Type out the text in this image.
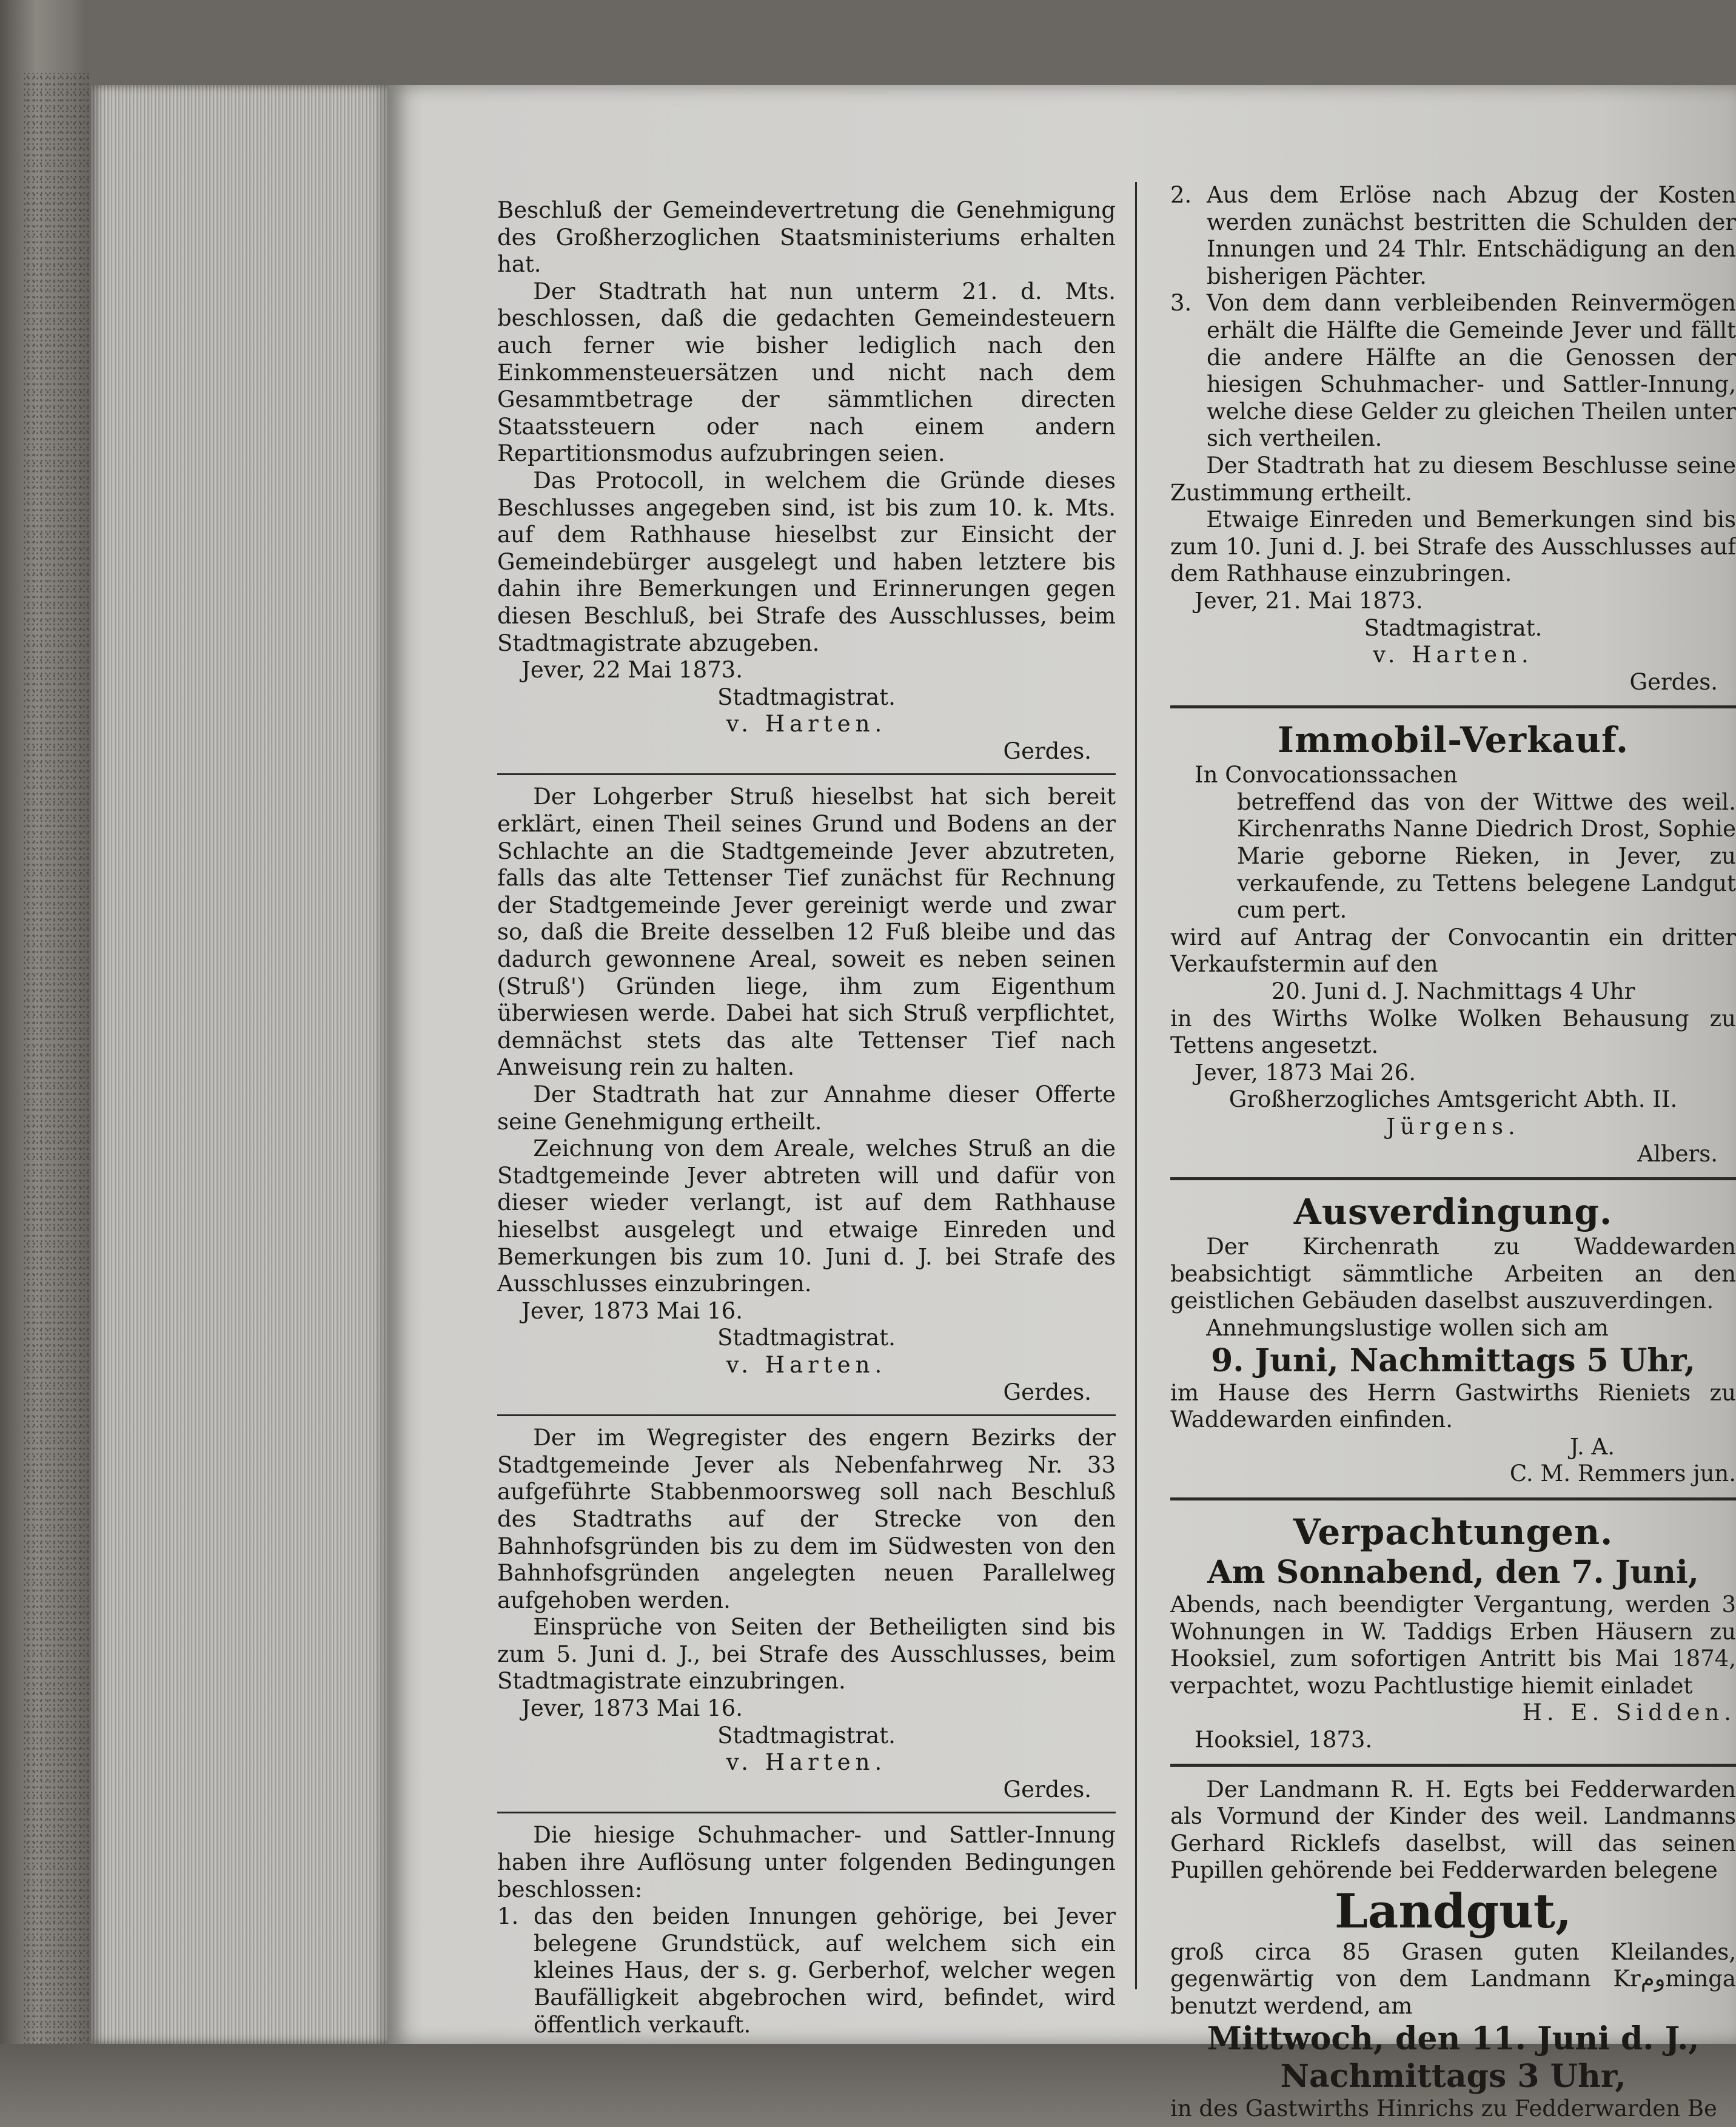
Beschluß der Gemeindevertretung die Genehmigung des Großherzoglichen Staatsministeriums erhalten hat.

Der Stadtrath hat nun unterm 21. d. Mts. beschlossen, daß die gedachten Gemeindesteuern auch ferner wie bisher lediglich nach den Einkommensteuersätzen und nicht nach dem Gesammtbetrage der sämmtlichen directen Staatssteuern oder nach einem andern Repartitionsmodus aufzubringen seien.

Das Protocoll, in welchem die Gründe dieses Beschlusses angegeben sind, ist bis zum 10. k. Mts. auf dem Rathhause hieselbst zur Einsicht der Gemeindebürger ausgelegt und haben letztere bis dahin ihre Bemerkungen und Erinnerungen gegen diesen Beschluß, bei Strafe des Ausschlusses, beim Stadtmagistrate abzugeben.

Jever, 22 Mai 1873.

Stadtmagistrat.

v. Harten.

Gerdes.

Der Lohgerber Struß hieselbst hat sich bereit erklärt, einen Theil seines Grund und Bodens an der Schlachte an die Stadtgemeinde Jever abzutreten, falls das alte Tettenser Tief zunächst für Rechnung der Stadtgemeinde Jever gereinigt werde und zwar so, daß die Breite desselben 12 Fuß bleibe und das dadurch gewonnene Areal, soweit es neben seinen (Struß') Gründen liege, ihm zum Eigenthum überwiesen werde. Dabei hat sich Struß verpflichtet, demnächst stets das alte Tettenser Tief nach Anweisung rein zu halten.

Der Stadtrath hat zur Annahme dieser Offerte seine Genehmigung ertheilt.

Zeichnung von dem Areale, welches Struß an die Stadtgemeinde Jever abtreten will und dafür von dieser wieder verlangt, ist auf dem Rathhause hieselbst ausgelegt und etwaige Einreden und Bemerkungen bis zum 10. Juni d. J. bei Strafe des Ausschlusses einzubringen.

Jever, 1873 Mai 16.

Stadtmagistrat.

v. Harten.

Gerdes.

Der im Wegregister des engern Bezirks der Stadtgemeinde Jever als Nebenfahrweg Nr. 33 aufgeführte Stabbenmoorsweg soll nach Beschluß des Stadtraths auf der Strecke von den Bahnhofsgründen bis zu dem im Südwesten von den Bahnhofsgründen angelegten neuen Parallelweg aufgehoben werden.

Einsprüche von Seiten der Betheiligten sind bis zum 5. Juni d. J., bei Strafe des Ausschlusses, beim Stadtmagistrate einzubringen.

Jever, 1873 Mai 16.

Stadtmagistrat.

v. Harten.

Gerdes.

Die hiesige Schuhmacher- und Sattler-Innung haben ihre Auflösung unter folgenden Bedingungen beschlossen:

1. das den beiden Innungen gehörige, bei Jever belegene Grundstück, auf welchem sich ein kleines Haus, der s. g. Gerberhof, welcher wegen Baufälligkeit abgebrochen wird, befindet, wird öffentlich verkauft.
2. Aus dem Erlöse nach Abzug der Kosten werden zunächst bestritten die Schulden der Innungen und 24 Thlr. Entschädigung an den bisherigen Pächter.
3. Von dem dann verbleibenden Reinvermögen erhält die Hälfte die Gemeinde Jever und fällt die andere Hälfte an die Genossen der hiesigen Schuhmacher- und Sattler-Innung, welche diese Gelder zu gleichen Theilen unter sich vertheilen.

Der Stadtrath hat zu diesem Beschlusse seine Zustimmung ertheilt.

Etwaige Einreden und Bemerkungen sind bis zum 10. Juni d. J. bei Strafe des Ausschlusses auf dem Rathhause einzubringen.

Jever, 21. Mai 1873.

Stadtmagistrat.

v. Harten.

Gerdes.

Immobil-Verkauf.

In Convocationssachen

betreffend das von der Wittwe des weil. Kirchenraths Nanne Diedrich Drost, Sophie Marie geborne Rieken, in Jever, zu verkaufende, zu Tettens belegene Landgut cum pert.

wird auf Antrag der Convocantin ein dritter Verkaufstermin auf den

20. Juni d. J. Nachmittags 4 Uhr

in des Wirths Wolke Wolken Behausung zu Tettens angesetzt.

Jever, 1873 Mai 26.

Großherzogliches Amtsgericht Abth. II.

Jürgens.

Albers.

Ausverdingung.

Der Kirchenrath zu Waddewarden beabsichtigt sämmtliche Arbeiten an den geistlichen Gebäuden daselbst auszuverdingen.

Annehmungslustige wollen sich am

9. Juni, Nachmittags 5 Uhr,

im Hause des Herrn Gastwirths Rieniets zu Waddewarden einfinden.

J. A.

C. M. Remmers jun.

Verpachtungen.

Am Sonnabend, den 7. Juni,

Abends, nach beendigter Vergantung, werden 3 Wohnungen in W. Taddigs Erben Häusern zu Hooksiel, zum sofortigen Antritt bis Mai 1874, verpachtet, wozu Pachtlustige hiemit einladet

H. E. Sidden.

Hooksiel, 1873.

Der Landmann R. H. Egts bei Fedderwarden als Vormund der Kinder des weil. Landmanns Gerhard Ricklefs daselbst, will das seinen Pupillen gehörende bei Fedderwarden belegene

Landgut,

groß circa 85 Grasen guten Kleilandes, gegenwärtig von dem Landmann Krومminga benutzt werdend, am

Mittwoch, den 11. Juni d. J.,

Nachmittags 3 Uhr,

in des Gastwirths Hinrichs zu Fedderwarden Be
